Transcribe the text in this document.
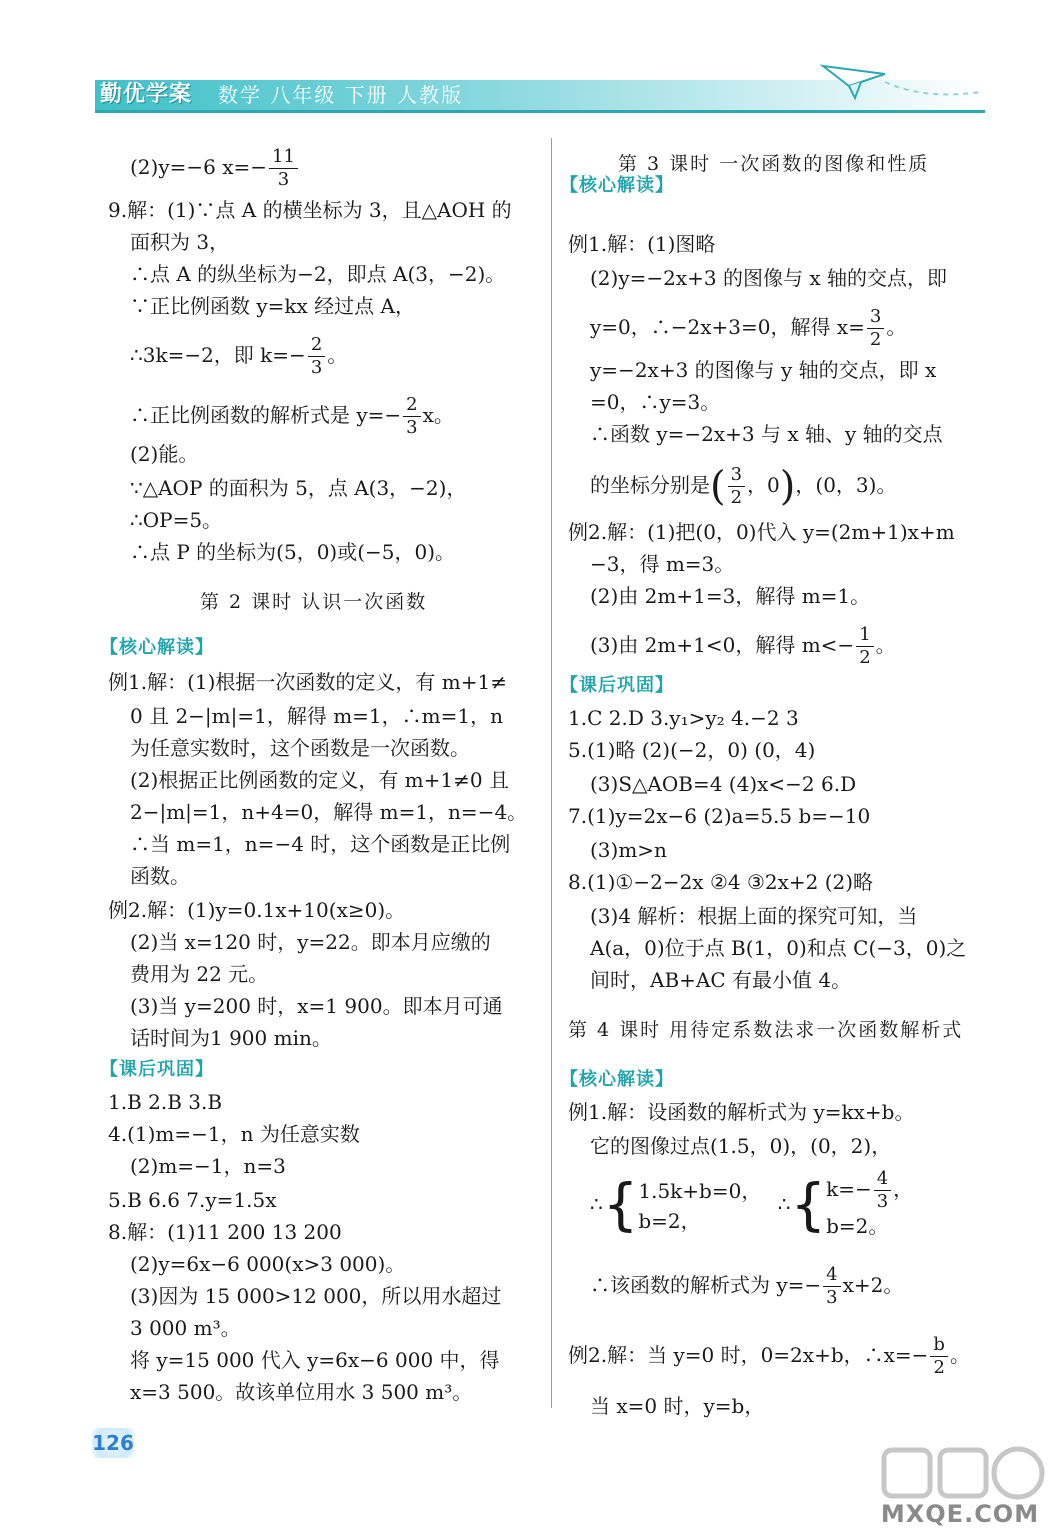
勤优学案 数学 八年级 下册 人教版
(2)y=−6 $x=- \frac{11}{3}$
9.解：(1)∵点 A 的横坐标为 3，且△AOH 的
面积为 3，
∴点 A 的纵坐标为−2，即点 A(3，−2)。
∵正比例函数 y=kx 经过点 A，
∴3k=−2，即 $k=- \frac{2}{3}$ 。
∴正比例函数的解析式是 $y=- \frac{2}{3}$ x。
(2)能。
∵△AOP 的面积为 5，点 A(3，−2)，
∴OP=5。
∴点 P 的坐标为(5，0)或(−5，0)。
第 2 课时 认识一次函数
【核心解读】
例1.解：(1)根据一次函数的定义，有 m+1≠
0 且 2−|m|=1，解得 m=1，∴m=1，n
为任意实数时，这个函数是一次函数。
(2)根据正比例函数的定义，有 m+1≠0 且
2−|m|=1，n+4=0，解得 m=1，n=−4。
∴当 m=1，n=−4 时，这个函数是正比例
函数。
例2.解：(1)y=0.1x+10(x≥0)。
(2)当 x=120 时，y=22。即本月应缴的
费用为 22 元。
(3)当 y=200 时，x=1 900。即本月可通
话时间为1 900 min。
【课后巩固】
1.B 2.B 3.B
4.(1)m=−1，n 为任意实数
(2)m=−1，n=3
5.B 6.6 7.y=1.5x
8.解：(1)11 200 13 200
(2)y=6x−6 000(x>3 000)。
(3)因为 15 000>12 000，所以用水超过
3 000 m³。
将 y=15 000 代入 y=6x−6 000 中，得
x=3 500。故该单位用水 3 500 m³。
第 3 课时 一次函数的图像和性质
【核心解读】
例1.解：(1)图略
(2)y=−2x+3 的图像与 x 轴的交点，即
y=0，∴−2x+3=0，解得 $x= \frac{3}{2}$ 。
y=−2x+3 的图像与 y 轴的交点，即 x
=0，∴y=3。
∴函数 y=−2x+3 与 x 轴、y 轴的交点
的坐标分别是( $\frac{3}{2}$ ，0)，(0，3)。
例2.解：(1)把(0，0)代入 y=(2m+1)x+m
−3，得 m=3。
(2)由 2m+1=3，解得 m=1。
(3)由 2m+1<0，解得 $m<- \frac{1}{2}$ 。
【课后巩固】
1.C 2.D 3.y₁>y₂ 4.−2 3
5.(1)略 (2)(−2，0) (0，4)
(3)S△AOB=4 (4)x<−2 6.D
7.(1)y=2x−6 (2)a=5.5 b=−10
(3)m>n
8.(1)①−2−2x ②4 ③2x+2 (2)略
(3)4 解析：根据上面的探究可知，当
A(a，0)位于点 B(1，0)和点 C(−3，0)之
间时，AB+AC 有最小值 4。
第 4 课时 用待定系数法求一次函数解析式
【核心解读】
例1.解：设函数的解析式为 y=kx+b。
它的图像过点(1.5，0)，(0，2)，
∴{ 1.5k+b=0，
b=2，
∴{ $k=- \frac{4}{3}$ ，
b=2。
∴该函数的解析式为 $y=- \frac{4}{3} x+2$。
例2.解：当 y=0 时，0=2x+b，∴x=− $\frac{b}{2}$ 。
当 x=0 时，y=b，
126
MXQE.COM
